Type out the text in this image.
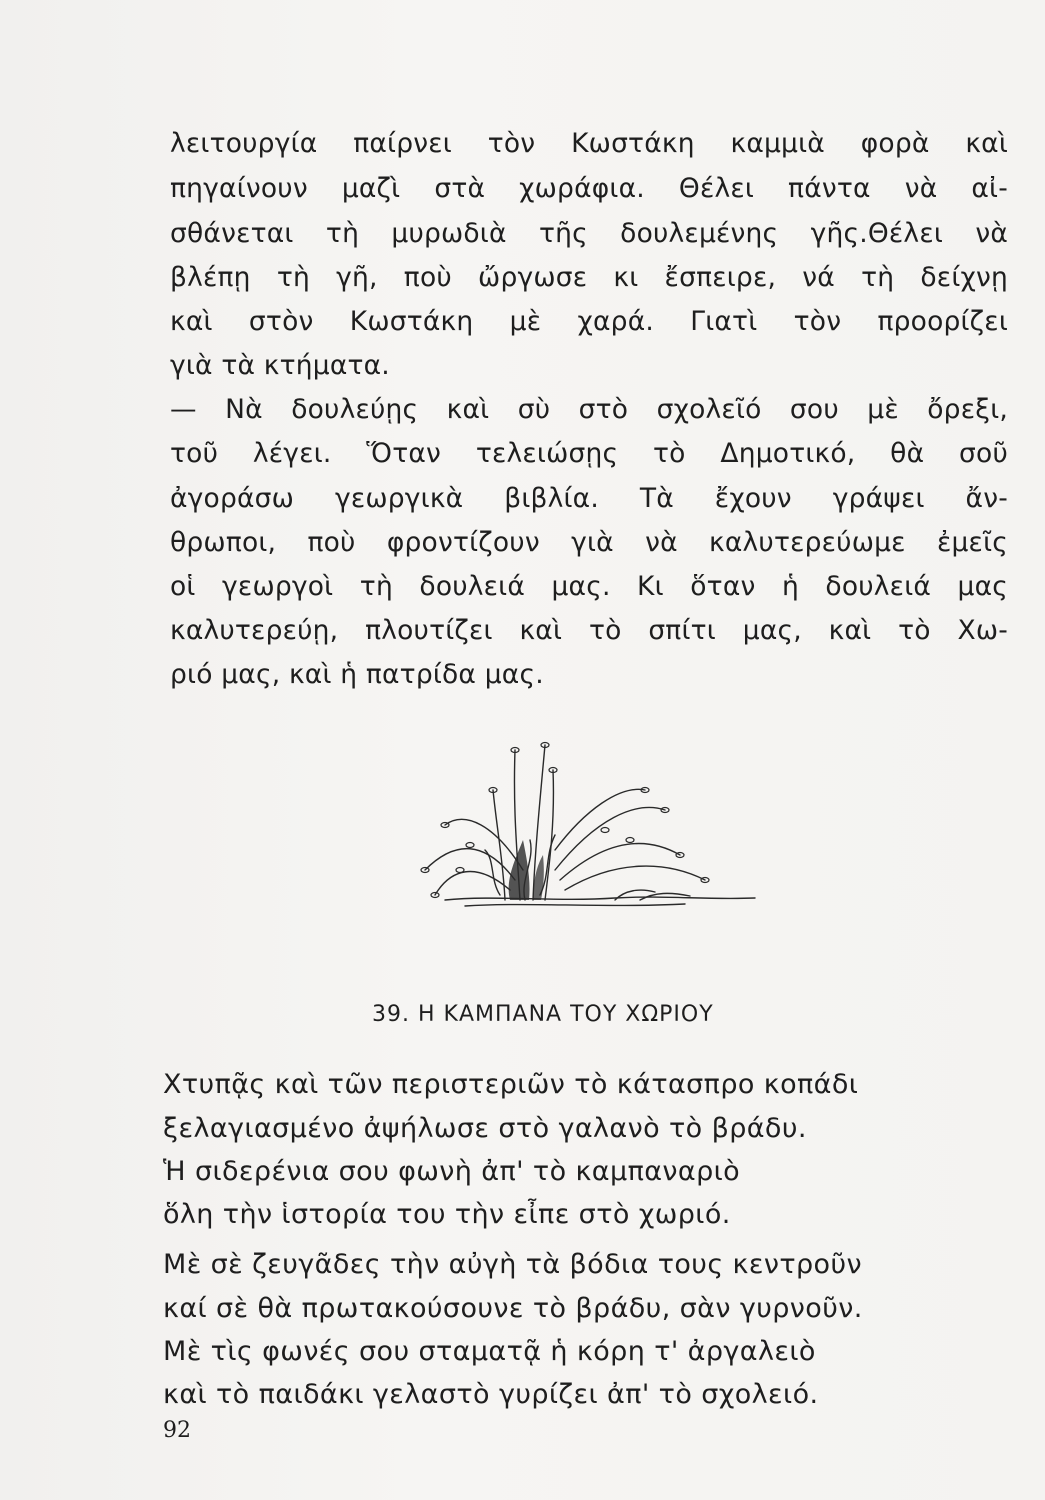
λειτουργία παίρνει τὸν Κωστάκη καμμιὰ φορὰ καὶ
πηγαίνουν μαζὶ στὰ χωράφια. Θέλει πάντα νὰ αἰ-
σθάνεται τὴ μυρωδιὰ τῆς δουλεμένης γῆς.Θέλει νὰ
βλέπῃ τὴ γῆ, ποὺ ὤργωσε κι ἔσπειρε, νά τὴ δείχνῃ
καὶ στὸν Κωστάκη μὲ χαρά. Γιατὶ τὸν προορίζει
γιὰ τὰ κτήματα.
— Νὰ δουλεύῃς καὶ σὺ στὸ σχολεῖό σου μὲ ὄρεξι,
τοῦ λέγει. Ὅταν τελειώσῃς τὸ Δημοτικό, θὰ σοῦ
ἀγοράσω γεωργικὰ βιβλία. Τὰ ἔχουν γράψει ἄν-
θρωποι, ποὺ φροντίζουν γιὰ νὰ καλυτερεύωμε ἐμεῖς
οἱ γεωργοὶ τὴ δουλειά μας. Κι ὅταν ἡ δουλειά μας
καλυτερεύῃ, πλουτίζει καὶ τὸ σπίτι μας, καὶ τὸ Χω-
ριό μας, καὶ ἡ πατρίδα μας.
39. Η ΚΑΜΠΑΝΑ ΤΟΥ ΧΩΡΙΟΥ
Χτυπᾷς καὶ τῶν περιστεριῶν τὸ κάτασπρο κοπάδι
ξελαγιασμένο ἀψήλωσε στὸ γαλανὸ τὸ βράδυ.
Ἡ σιδερένια σου φωνὴ ἀπ' τὸ καμπαναριὸ
ὅλη τὴν ἱστορία του τὴν εἶπε στὸ χωριό.
Μὲ σὲ ζευγᾶδες τὴν αὐγὴ τὰ βόδια τους κεντροῦν
καί σὲ θὰ πρωτακούσουνε τὸ βράδυ, σὰν γυρνοῦν.
Μὲ τὶς φωνές σου σταματᾷ ἡ κόρη τ' ἀργαλειὸ
καὶ τὸ παιδάκι γελαστὸ γυρίζει ἀπ' τὸ σχολειό.
92
